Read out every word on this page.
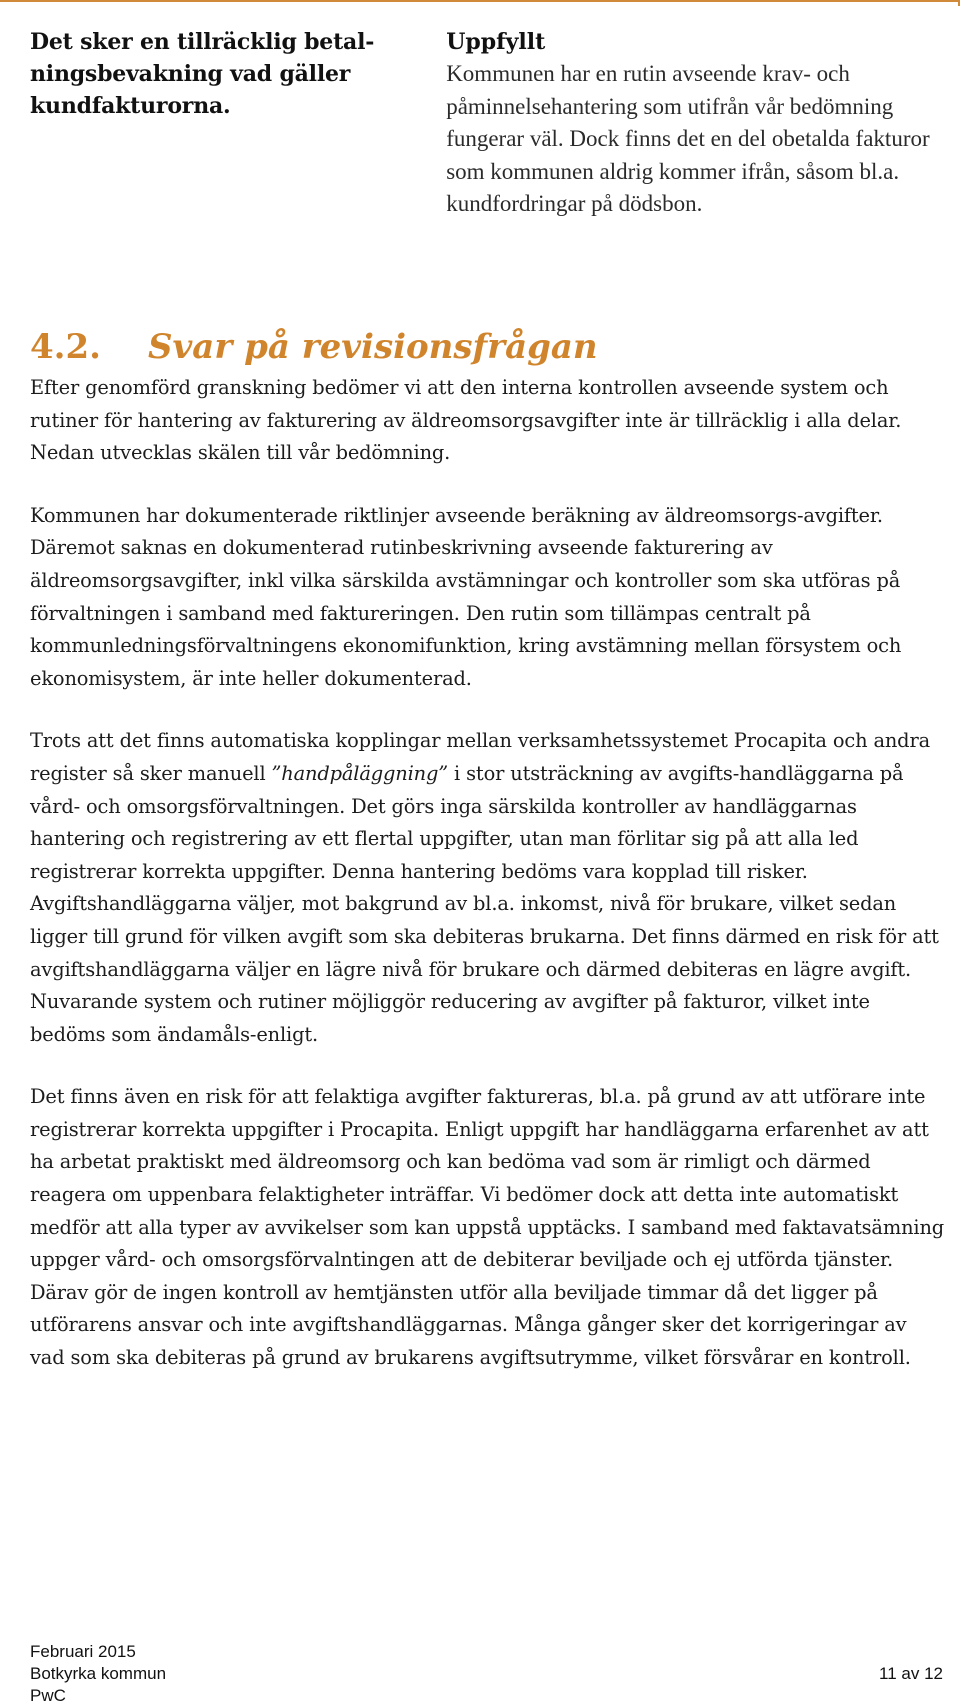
Det sker en tillräcklig betal-ningsbevakning vad gäller kundfakturorna.
Uppfyllt
Kommunen har en rutin avseende krav- och påminnelsehantering som utifrån vår bedömning fungerar väl. Dock finns det en del obetalda fakturor som kommunen aldrig kommer ifrån, såsom bl.a. kundfordringar på dödsbon.
4.2.	Svar på revisionsfrågan

Efter genomförd granskning bedömer vi att den interna kontrollen avseende system och rutiner för hantering av fakturering av äldreomsorgsavgifter inte är tillräcklig i alla delar. Nedan utvecklas skälen till vår bedömning.

Kommunen har dokumenterade riktlinjer avseende beräkning av äldreomsorgs-avgifter. Däremot saknas en dokumenterad rutinbeskrivning avseende fakturering av äldreomsorgsavgifter, inkl vilka särskilda avstämningar och kontroller som ska utföras på förvaltningen i samband med faktureringen. Den rutin som tillämpas centralt på kommunledningsförvaltningens ekonomifunktion, kring avstämning mellan försystem och ekonomisystem, är inte heller dokumenterad.

Trots att det finns automatiska kopplingar mellan verksamhetssystemet Procapita och andra register så sker manuell ”handpåläggning” i stor utsträckning av avgifts-handläggarna på vård- och omsorgsförvaltningen. Det görs inga särskilda kontroller av handläggarnas hantering och registrering av ett flertal uppgifter, utan man förlitar sig på att alla led registrerar korrekta uppgifter. Denna hantering bedöms vara kopplad till risker. Avgiftshandläggarna väljer, mot bakgrund av bl.a. inkomst, nivå för brukare, vilket sedan ligger till grund för vilken avgift som ska debiteras brukarna. Det finns därmed en risk för att avgiftshandläggarna väljer en lägre nivå för brukare och därmed debiteras en lägre avgift. Nuvarande system och rutiner möjliggör reducering av avgifter på fakturor, vilket inte bedöms som ändamåls-enligt.

Det finns även en risk för att felaktiga avgifter faktureras, bl.a. på grund av att utförare inte registrerar korrekta uppgifter i Procapita. Enligt uppgift har handläggarna erfarenhet av att ha arbetat praktiskt med äldreomsorg och kan bedöma vad som är rimligt och därmed reagera om uppenbara felaktigheter inträffar. Vi bedömer dock att detta inte automatiskt medför att alla typer av avvikelser som kan uppstå upptäcks. I samband med faktavatsämning uppger vård- och omsorgsförvalntingen att de debiterar beviljade och ej utförda tjänster. Därav gör de ingen kontroll av hemtjänsten utför alla beviljade timmar då det ligger på utförarens ansvar och inte avgiftshandläggarnas. Många gånger sker det korrigeringar av vad som ska debiteras på grund av brukarens avgiftsutrymme, vilket försvårar en kontroll.

Februari 2015
Botkyrka kommun
PwC
11 av 12
